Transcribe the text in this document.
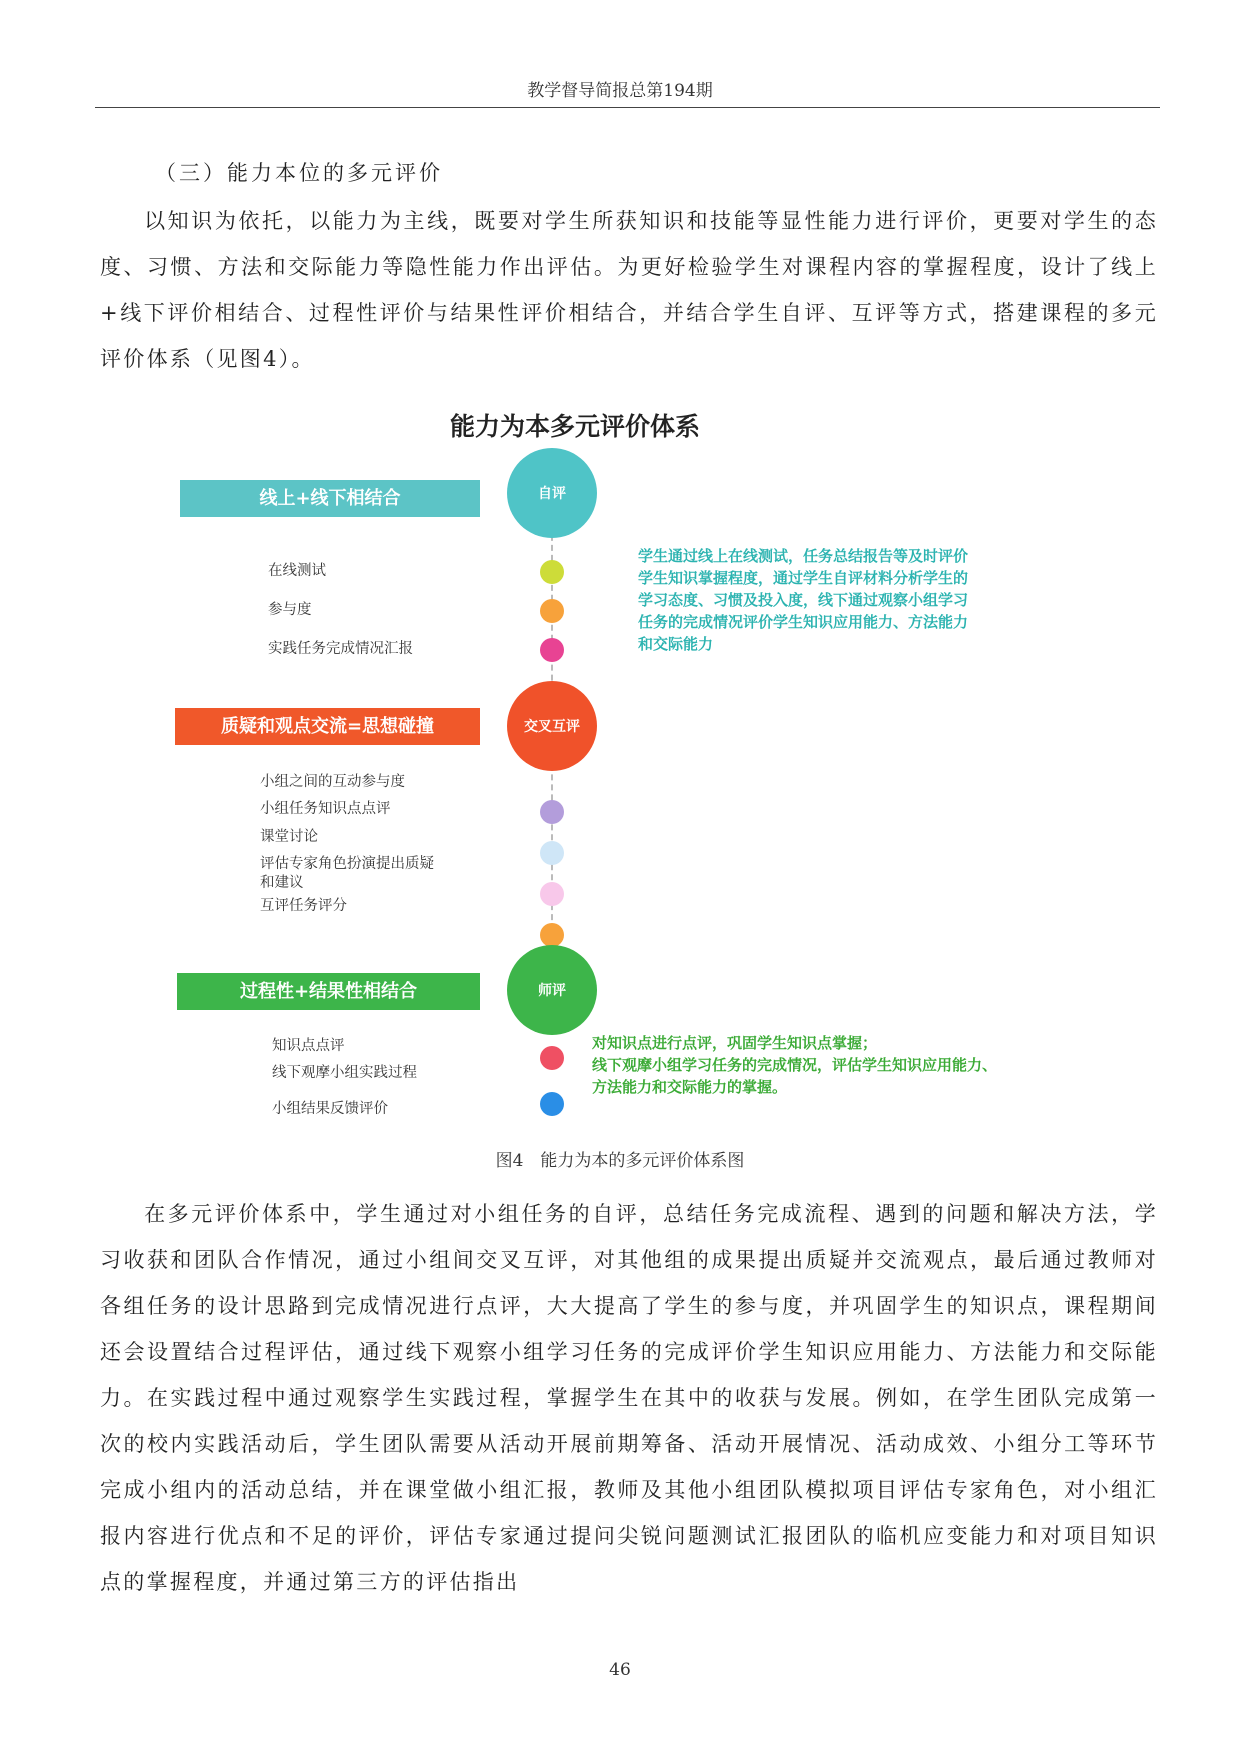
教学督导简报总第194期
（三）能力本位的多元评价

以知识为依托，以能力为主线，既要对学生所获知识和技能等显性能力进行评价，更要对学生的态度、习惯、方法和交际能力等隐性能力作出评估。为更好检验学生对课程内容的掌握程度，设计了线上+线下评价相结合、过程性评价与结果性评价相结合，并结合学生自评、互评等方式，搭建课程的多元评价体系（见图4）。

能力为本多元评价体系
线上+线下相结合	自评
在线测试
参与度
实践任务完成情况汇报
学生通过线上在线测试，任务总结报告等及时评价学生知识掌握程度，通过学生自评材料分析学生的学习态度、习惯及投入度，线下通过观察小组学习任务的完成情况评价学生知识应用能力、方法能力和交际能力
质疑和观点交流=思想碰撞	交叉互评
小组之间的互动参与度
小组任务知识点点评
课堂讨论
评估专家角色扮演提出质疑
和建议
互评任务评分
过程性+结果性相结合	师评
知识点点评
线下观摩小组实践过程
小组结果反馈评价
对知识点进行点评，巩固学生知识点掌握；
线下观摩小组学习任务的完成情况，评估学生知识应用能力、
方法能力和交际能力的掌握。
图4　能力为本的多元评价体系图

在多元评价体系中，学生通过对小组任务的自评，总结任务完成流程、遇到的问题和解决方法，学习收获和团队合作情况，通过小组间交叉互评，对其他组的成果提出质疑并交流观点，最后通过教师对各组任务的设计思路到完成情况进行点评，大大提高了学生的参与度，并巩固学生的知识点，课程期间还会设置结合过程评估，通过线下观察小组学习任务的完成评价学生知识应用能力、方法能力和交际能力。在实践过程中通过观察学生实践过程，掌握学生在其中的收获与发展。例如，在学生团队完成第一次的校内实践活动后，学生团队需要从活动开展前期筹备、活动开展情况、活动成效、小组分工等环节完成小组内的活动总结，并在课堂做小组汇报，教师及其他小组团队模拟项目评估专家角色，对小组汇报内容进行优点和不足的评价，评估专家通过提问尖锐问题测试汇报团队的临机应变能力和对项目知识点的掌握程度，并通过第三方的评估指出

46
